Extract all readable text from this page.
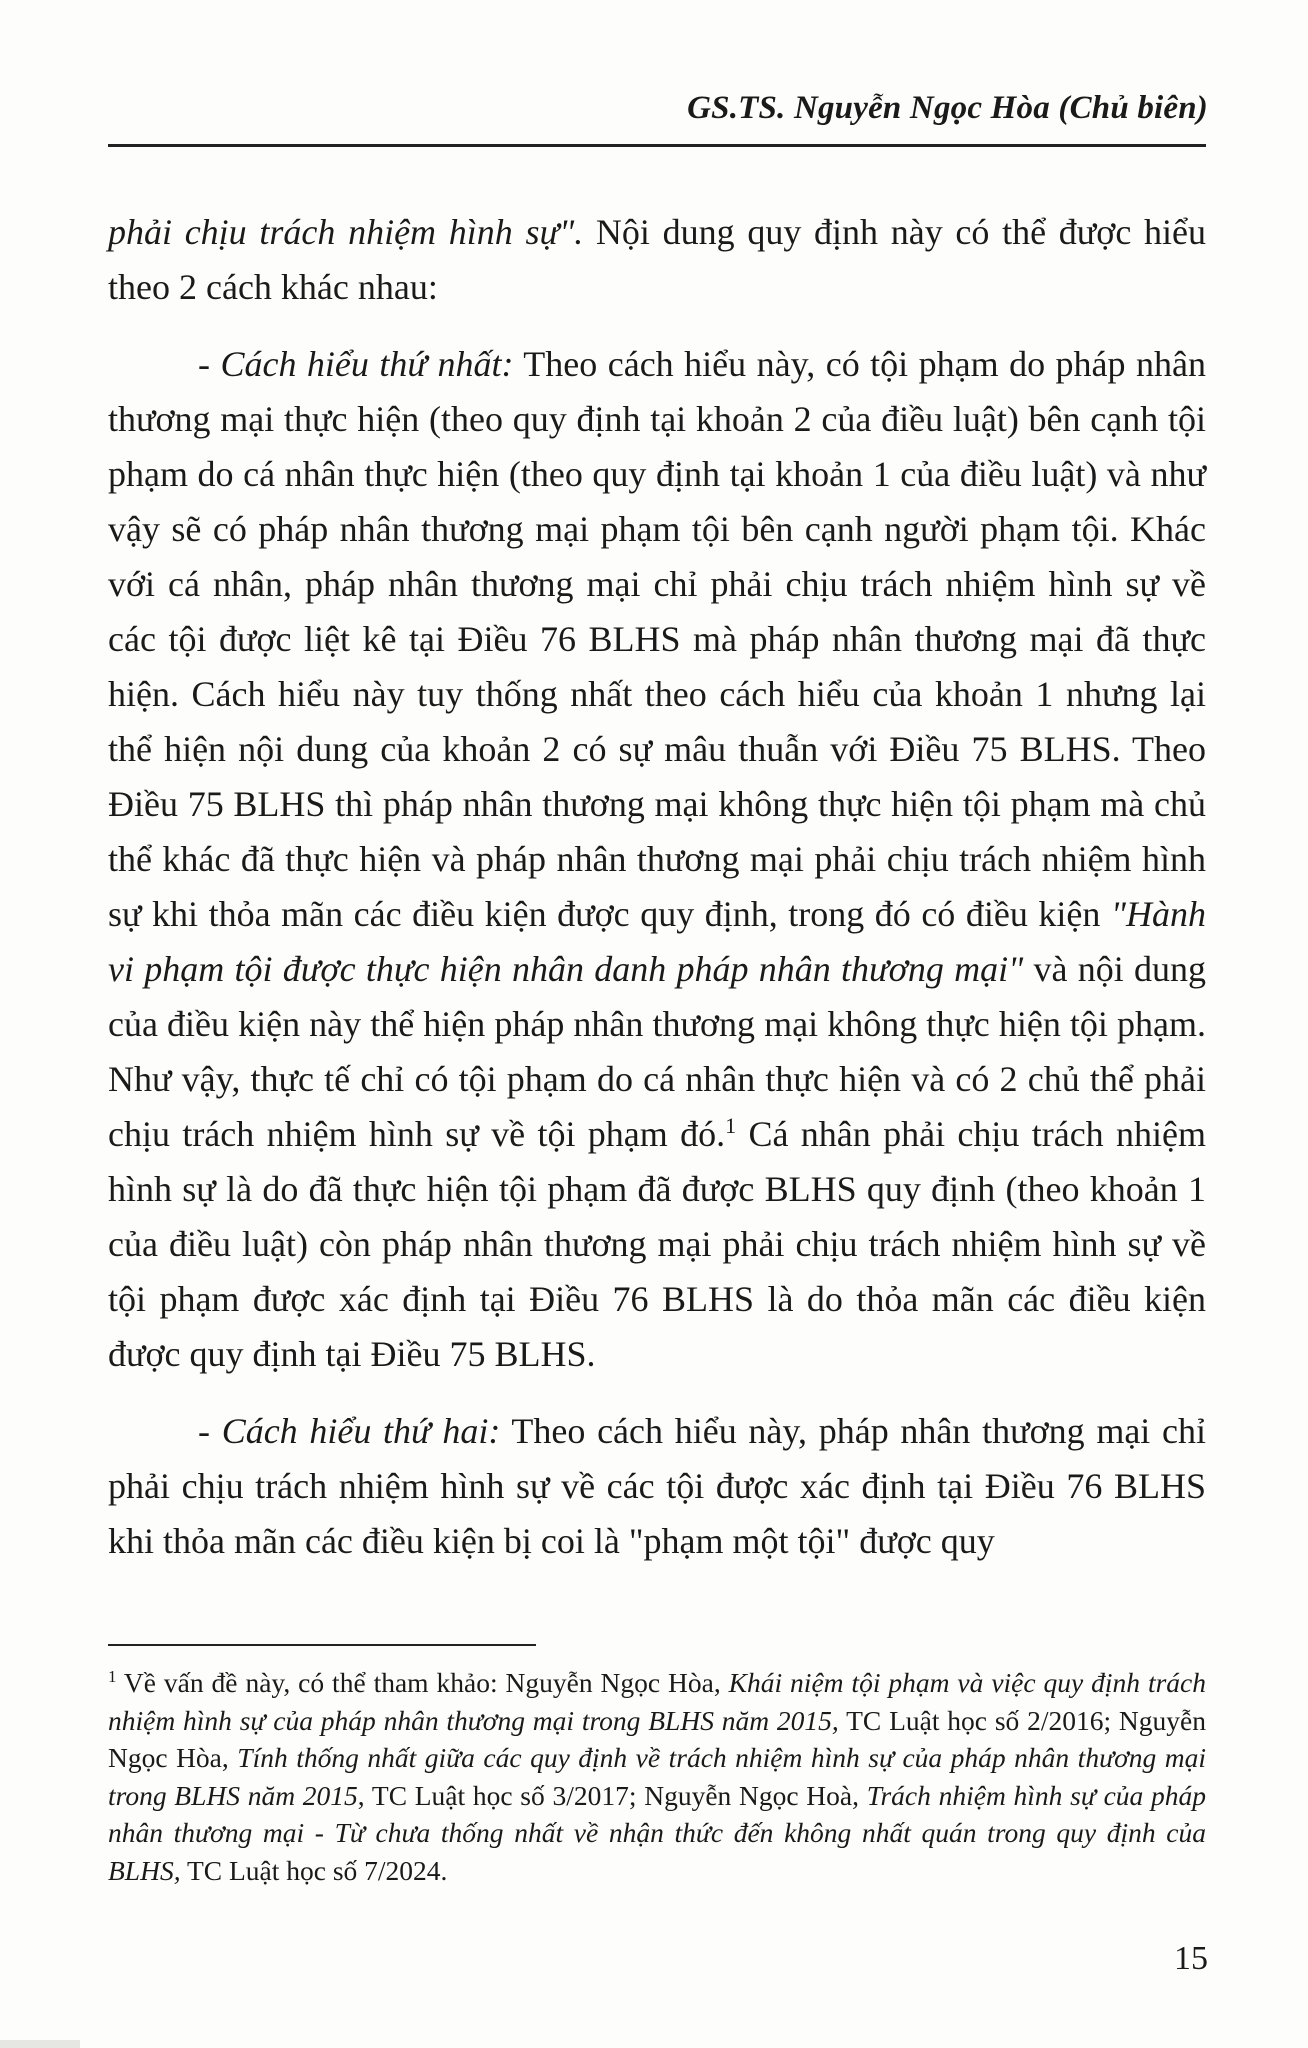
GS.TS. Nguyễn Ngọc Hòa (Chủ biên)

phải chịu trách nhiệm hình sự". Nội dung quy định này có thể được hiểu theo 2 cách khác nhau:

- Cách hiểu thứ nhất: Theo cách hiểu này, có tội phạm do pháp nhân thương mại thực hiện (theo quy định tại khoản 2 của điều luật) bên cạnh tội phạm do cá nhân thực hiện (theo quy định tại khoản 1 của điều luật) và như vậy sẽ có pháp nhân thương mại phạm tội bên cạnh người phạm tội. Khác với cá nhân, pháp nhân thương mại chỉ phải chịu trách nhiệm hình sự về các tội được liệt kê tại Điều 76 BLHS mà pháp nhân thương mại đã thực hiện. Cách hiểu này tuy thống nhất theo cách hiểu của khoản 1 nhưng lại thể hiện nội dung của khoản 2 có sự mâu thuẫn với Điều 75 BLHS. Theo Điều 75 BLHS thì pháp nhân thương mại không thực hiện tội phạm mà chủ thể khác đã thực hiện và pháp nhân thương mại phải chịu trách nhiệm hình sự khi thỏa mãn các điều kiện được quy định, trong đó có điều kiện "Hành vi phạm tội được thực hiện nhân danh pháp nhân thương mại" và nội dung của điều kiện này thể hiện pháp nhân thương mại không thực hiện tội phạm. Như vậy, thực tế chỉ có tội phạm do cá nhân thực hiện và có 2 chủ thể phải chịu trách nhiệm hình sự về tội phạm đó.$^1$ Cá nhân phải chịu trách nhiệm hình sự là do đã thực hiện tội phạm đã được BLHS quy định (theo khoản 1 của điều luật) còn pháp nhân thương mại phải chịu trách nhiệm hình sự về tội phạm được xác định tại Điều 76 BLHS là do thỏa mãn các điều kiện được quy định tại Điều 75 BLHS.

- Cách hiểu thứ hai: Theo cách hiểu này, pháp nhân thương mại chỉ phải chịu trách nhiệm hình sự về các tội được xác định tại Điều 76 BLHS khi thỏa mãn các điều kiện bị coi là "phạm một tội" được quy

$^1$ Về vấn đề này, có thể tham khảo: Nguyễn Ngọc Hòa, Khái niệm tội phạm và việc quy định trách nhiệm hình sự của pháp nhân thương mại trong BLHS năm 2015, TC Luật học số 2/2016; Nguyễn Ngọc Hòa, Tính thống nhất giữa các quy định về trách nhiệm hình sự của pháp nhân thương mại trong BLHS năm 2015, TC Luật học số 3/2017; Nguyễn Ngọc Hoà, Trách nhiệm hình sự của pháp nhân thương mại - Từ chưa thống nhất về nhận thức đến không nhất quán trong quy định của BLHS, TC Luật học số 7/2024.
15
